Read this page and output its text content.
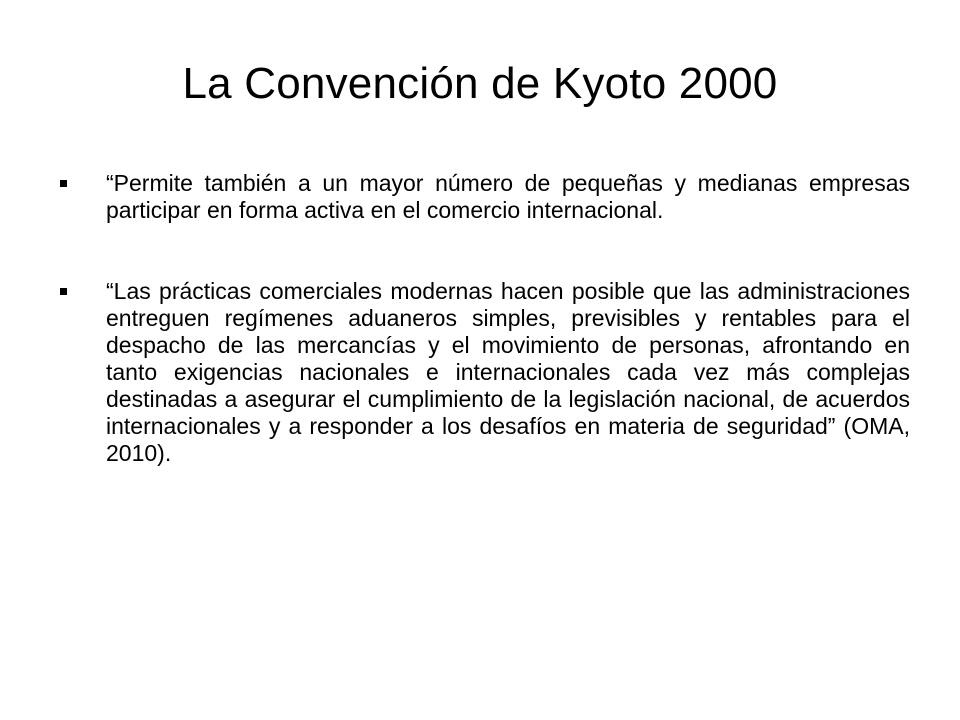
La Convención de Kyoto 2000
“Permite también a un mayor número de pequeñas y medianas empresas participar en forma activa en el comercio internacional.
“Las prácticas comerciales modernas hacen posible que las administraciones entreguen regímenes aduaneros simples, previsibles y rentables para el despacho de las mercancías y el movimiento de personas, afrontando en tanto exigencias nacionales e internacionales cada vez más complejas destinadas a asegurar el cumplimiento de la legislación nacional, de acuerdos internacionales y a responder a los desafíos en materia de seguridad” (OMA, 2010).
